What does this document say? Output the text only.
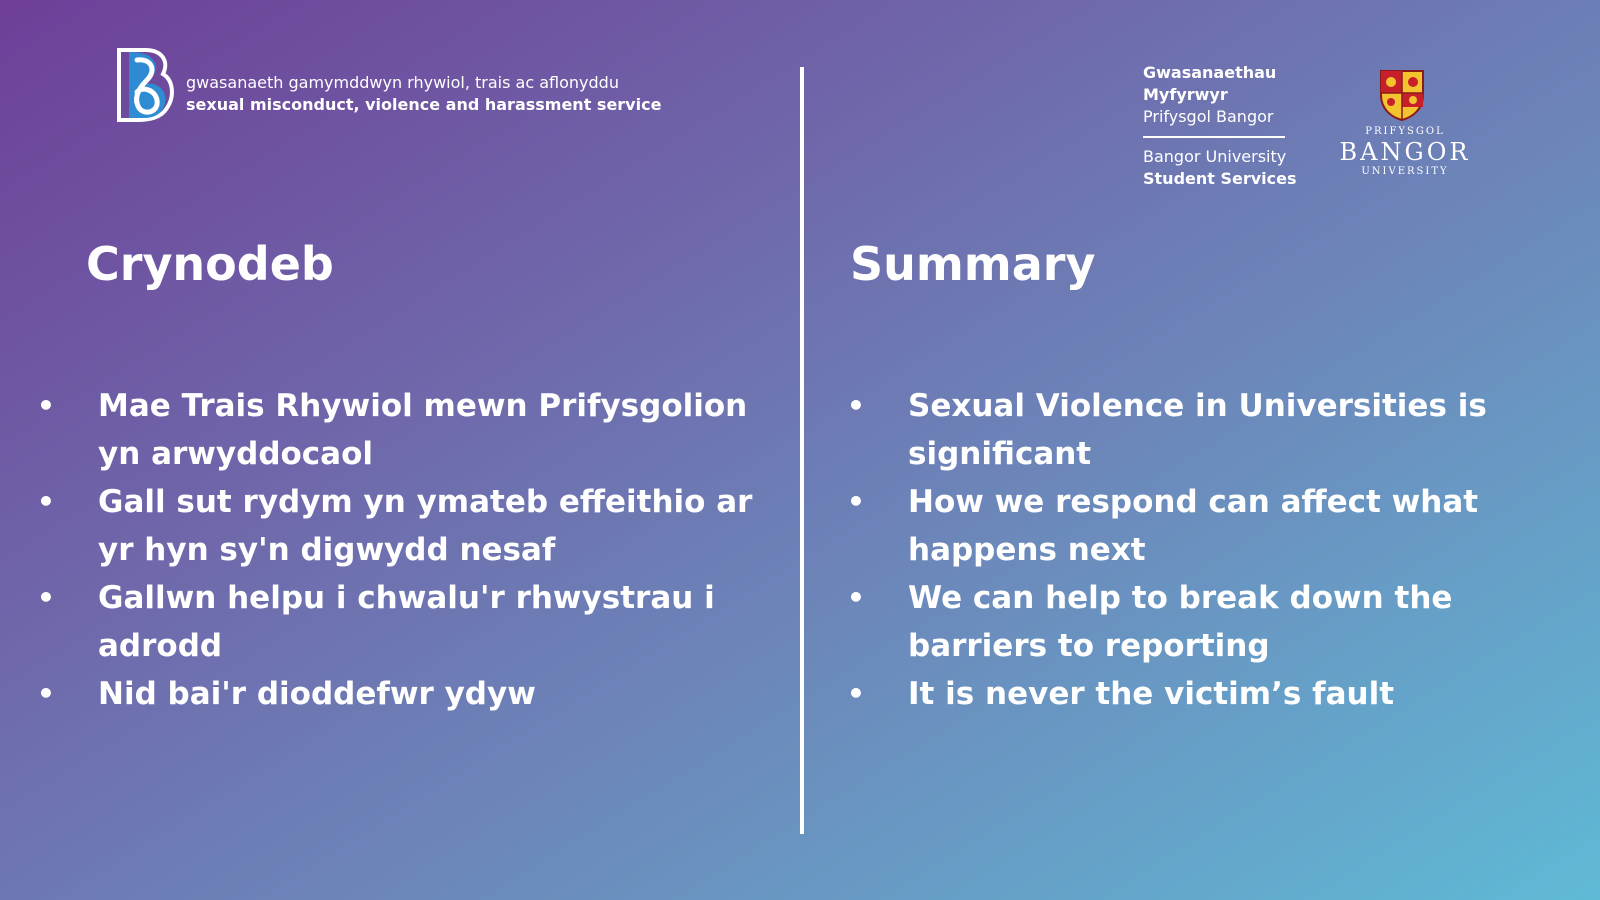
gwasanaeth gamymddwyn rhywiol, trais ac aflonyddu
sexual misconduct, violence and harassment service
Gwasanaethau
Myfyrwyr
Prifysgol Bangor
Bangor University
Student Services
PRIFYSGOL
BANGOR
UNIVERSITY
Crynodeb	Summary
• Mae Trais Rhywiol mewn Prifysgolion yn arwyddocaol
• Gall sut rydym yn ymateb effeithio ar yr hyn sy'n digwydd nesaf
• Gallwn helpu i chwalu'r rhwystrau i adrodd
• Nid bai'r dioddefwr ydyw
• Sexual Violence in Universities is significant
• How we respond can affect what happens next
• We can help to break down the barriers to reporting
• It is never the victim’s fault
